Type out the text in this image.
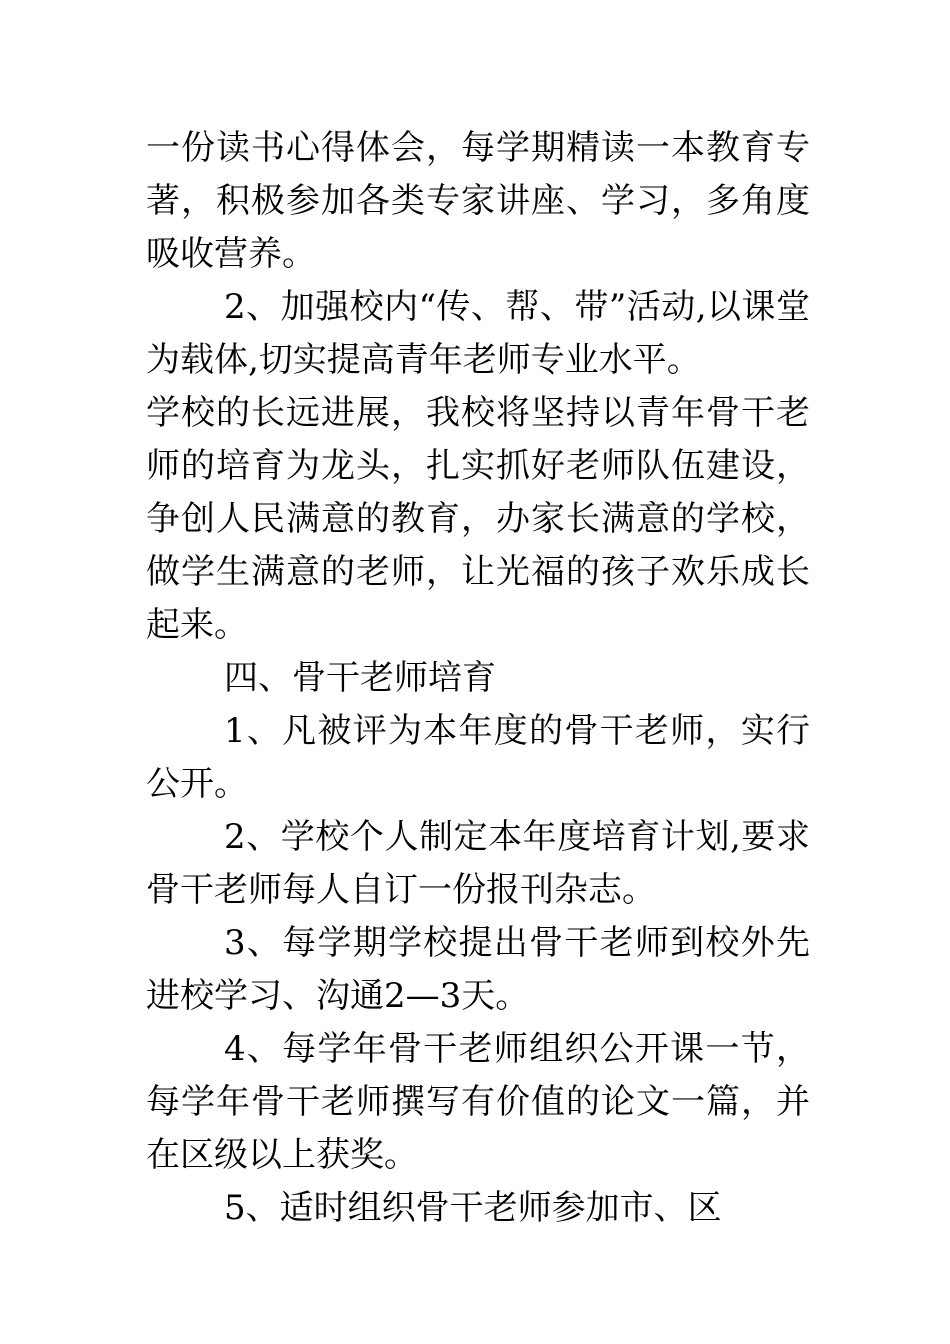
一份读书心得体会，每学期精读一本教育专著，积极参加各类专家讲座、学习，多角度吸收营养。

2、加强校内“传、帮、带”活动,以课堂为载体,切实提高青年老师专业水平。

学校的长远进展，我校将坚持以青年骨干老师的培育为龙头，扎实抓好老师队伍建设，争创人民满意的教育，办家长满意的学校，做学生满意的老师，让光福的孩子欢乐成长起来。

四、骨干老师培育

1、凡被评为本年度的骨干老师，实行公开。

2、学校个人制定本年度培育计划,要求骨干老师每人自订一份报刊杂志。

3、每学期学校提出骨干老师到校外先进校学习、沟通2—3天。

4、每学年骨干老师组织公开课一节，每学年骨干老师撰写有价值的论文一篇，并在区级以上获奖。

5、适时组织骨干老师参加市、区
